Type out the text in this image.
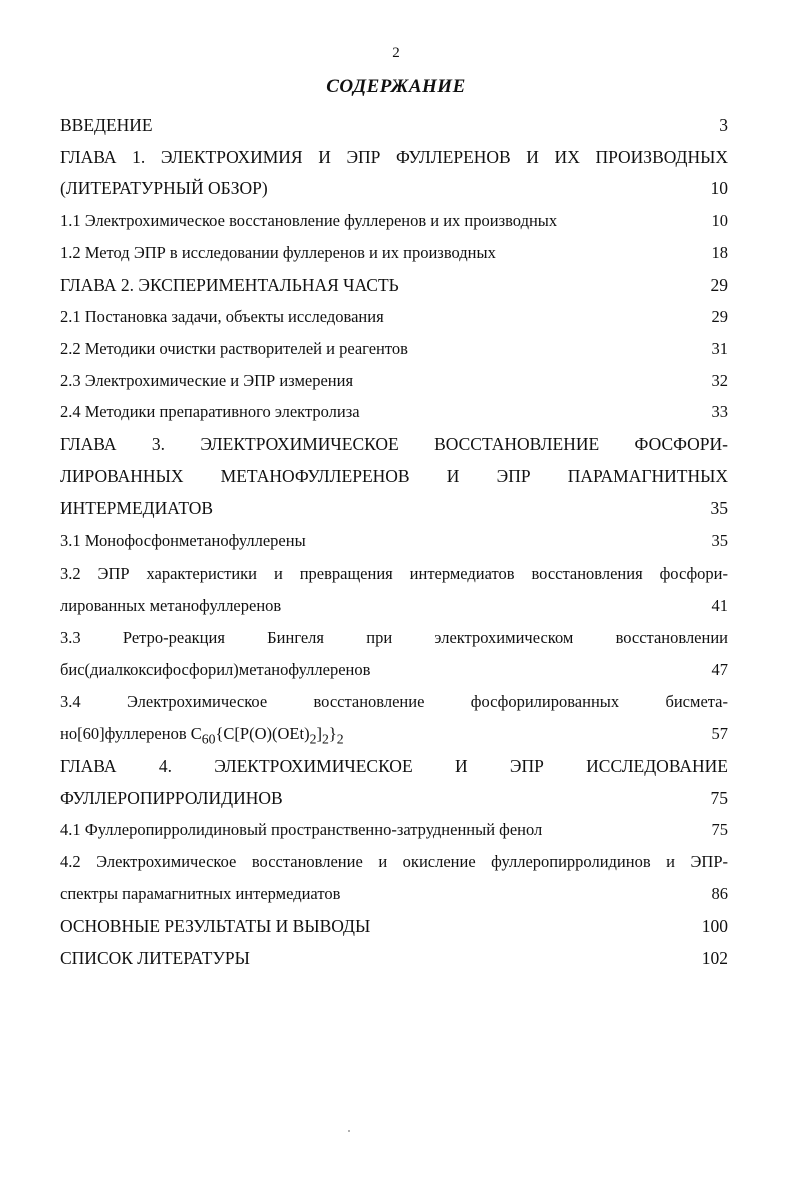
2
СОДЕРЖАНИЕ
ВВЕДЕНИЕ	3
ГЛАВА 1. ЭЛЕКТРОХИМИЯ И ЭПР ФУЛЛЕРЕНОВ И ИХ ПРОИЗВОДНЫХ
(ЛИТЕРАТУРНЫЙ ОБЗОР)	10
1.1 Электрохимическое восстановление фуллеренов и их производных	10
1.2 Метод ЭПР в исследовании фуллеренов и их производных	18
ГЛАВА 2. ЭКСПЕРИМЕНТАЛЬНАЯ ЧАСТЬ	29
2.1 Постановка задачи, объекты исследования	29
2.2 Методики очистки растворителей и реагентов	31
2.3 Электрохимические и ЭПР измерения	32
2.4 Методики препаративного электролиза	33
ГЛАВА 3. ЭЛЕКТРОХИМИЧЕСКОЕ ВОССТАНОВЛЕНИЕ ФОСФОРИ-
ЛИРОВАННЫХ МЕТАНОФУЛЛЕРЕНОВ И ЭПР ПАРАМАГНИТНЫХ
ИНТЕРМЕДИАТОВ	35
3.1 Монофосфонметанофуллерены	35
3.2 ЭПР характеристики и превращения интермедиатов восстановления фосфори-
лированных метанофуллеренов	41
3.3 Ретро-реакция Бингеля при электрохимическом восстановлении
бис(диалкоксифосфорил)метанофуллеренов	47
3.4 Электрохимическое восстановление фосфорилированных бисмета-
но[60]фуллеренов $C_{60}\{C[P(O)(OEt)_2]_2\}_2$	57
ГЛАВА 4. ЭЛЕКТРОХИМИЧЕСКОЕ И ЭПР ИССЛЕДОВАНИЕ
ФУЛЛЕРОПИРРОЛИДИНОВ	75
4.1 Фуллеропирролидиновый пространственно-затрудненный фенол	75
4.2 Электрохимическое восстановление и окисление фуллеропирролидинов и ЭПР-
спектры парамагнитных интермедиатов	86
ОСНОВНЫЕ РЕЗУЛЬТАТЫ И ВЫВОДЫ	100
СПИСОК ЛИТЕРАТУРЫ	102
